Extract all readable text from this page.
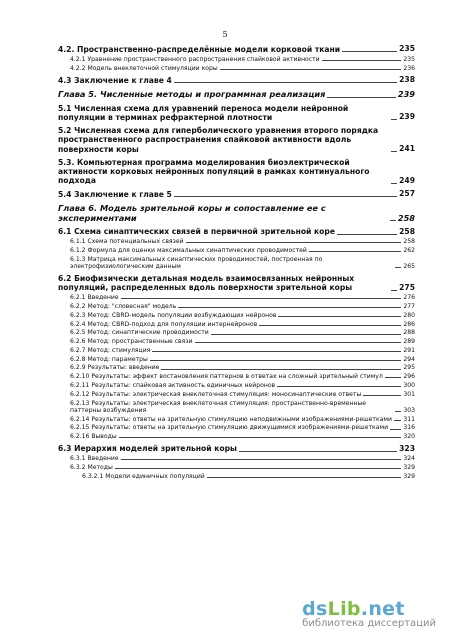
5
4.2. Пространственно-распределённые модели корковой ткани	235
4.2.1 Уравнение пространственного распространения спайковой активности	235
4.2.2 Модель внеклеточной стимуляции коры	236
4.3 Заключение к главе 4	238
Глава 5. Численные методы и программная реализация	239
5.1 Численная схема для уравнений переноса модели нейронной популяции в терминах рефрактерной плотности	239
5.2 Численная схема для гиперболического уравнения второго порядка пространственного распространения спайковой активности вдоль поверхности коры	241
5.3. Компьютерная программа моделирования биоэлектрической активности корковых нейронных популяций в рамках континуального подхода	249
5.4 Заключение к главе 5	257
Глава 6. Модель зрительной коры и сопоставление ее с экспериментами	258
6.1 Схема синаптических связей в первичной зрительной коре	258
6.1.1 Схема потенциальных связей	258
6.1.2 Формула для оценки максимальных синаптических проводимостей	262
6.1.3 Матрица максимальных синаптических проводимостей, построенная по электрофизиологическим данным	265
6.2 Биофизически детальная модель взаимосвязанных нейронных популяций, распределенных вдоль поверхности зрительной коры	275
6.2.1 Введение	276
6.2.2 Метод: "словесная" модель	277
6.2.3 Метод: CBRD-модель популяции возбуждающих нейронов	280
6.2.4 Метод: CBRD-подход для популяции интернейронов	286
6.2.5 Метод: синаптические проводимости	288
6.2.6 Метод: пространственные связи	289
6.2.7 Метод: стимуляция	291
6.2.8 Метод: параметры	294
6.2.9 Результаты: введение	295
6.2.10 Результаты: эффект востановления паттернов в ответах на сложный зрительный стимул	296
6.2.11 Результаты: спайковая активность единичных нейронов	300
6.2.12 Результаты: электрическая внеклеточная стимуляция: моносинаптические ответы	301
6.2.13 Результаты: электрическая внеклеточная стимуляция: пространственно-временные паттерны возбуждения	303
6.2.14 Результаты: ответы на зрительную стимуляцию неподвижными изображениями-решетками 311
6.2.15 Результаты: ответы на зрительную стимуляцию движущимися изображениями-решетками	316
6.2.16 Выводы	320
6.3 Иерархия моделей зрительной коры	323
6.3.1 Введение	324
6.3.2 Методы	329
6.3.2.1 Модели единичных популяций	329
dsLib.net
библиотека диссертаций
